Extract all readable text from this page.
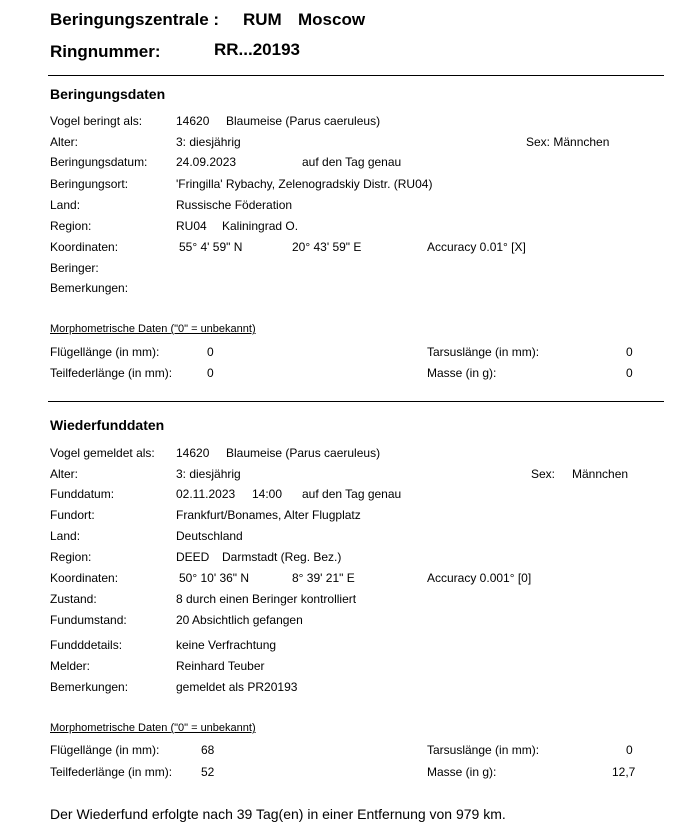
Beringungszentrale : RUM Moscow
Ringnummer:	RR...20193
Beringungsdaten
Vogel beringt als:	14620 Blaumeise (Parus caeruleus)
Alter:	3: diesjährig	Sex: Männchen
Beringungsdatum: 24.09.2023	auf den Tag genau
Beringungsort:	'Fringilla' Rybachy, Zelenogradskiy Distr. (RU04)
Land:	Russische Föderation
Region:	RU04 Kaliningrad O.
Koordinaten:	55° 4' 59" N	20° 43' 59" E	Accuracy 0.01° [X]
Beringer:
Bemerkungen:
Morphometrische Daten ("0" = unbekannt)
Flügellänge (in mm):	0	Tarsuslänge (in mm):	0
Teilfederlänge (in mm):	0	Masse (in g):	0
Wiederfunddaten
Vogel gemeldet als: 14620 Blaumeise (Parus caeruleus)
Alter:	3: diesjährig	Sex: Männchen
Funddatum:	02.11.2023 14:00 auf den Tag genau
Fundort:	Frankfurt/Bonames, Alter Flugplatz
Land:	Deutschland
Region:	DEED Darmstadt (Reg. Bez.)
Koordinaten:	50° 10' 36" N	8° 39' 21" E	Accuracy 0.001° [0]
Zustand:	8 durch einen Beringer kontrolliert
Fundumstand:	20 Absichtlich gefangen
Fundddetails:	keine Verfrachtung
Melder:	Reinhard Teuber
Bemerkungen:	gemeldet als PR20193
Morphometrische Daten ("0" = unbekannt)
Flügellänge (in mm):	68	Tarsuslänge (in mm):	0
Teilfederlänge (in mm): 52	Masse (in g):	12,7
Der Wiederfund erfolgte nach 39 Tag(en) in einer Entfernung von 979 km.
